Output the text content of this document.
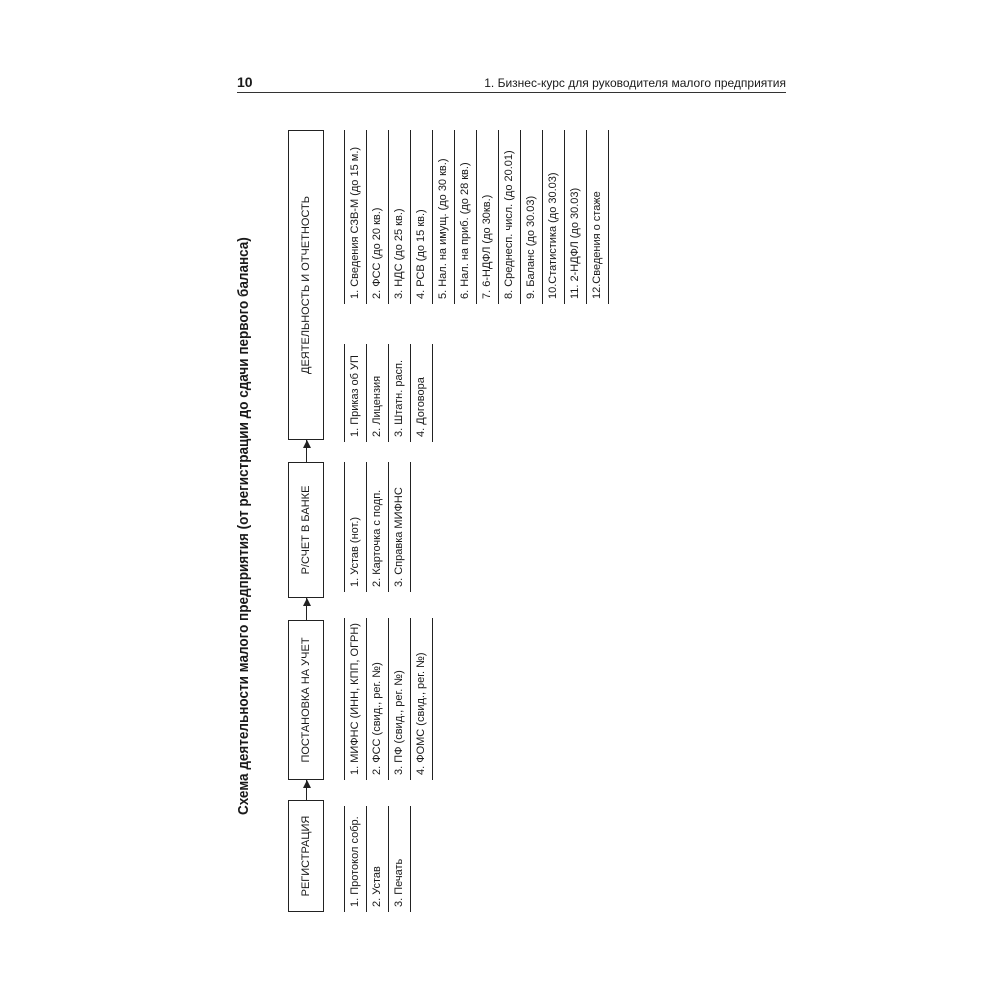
10	1. Бизнес-курс для руководителя малого предприятия
Схема деятельности малого предприятия (от регистрации до сдачи первого баланса)
РЕГИСТРАЦИЯ
ПОСТАНОВКА НА УЧЕТ
Р/СЧЕТ В БАНКЕ
ДЕЯТЕЛЬНОСТЬ И ОТЧЕТНОСТЬ
1. Протокол собр. 2. Устав 3. Печать
1. МИФНС (ИНН, КПП, ОГРН) 2. ФСС (свид., рег. №) 3. ПФ (свид., рег. №) 4. ФОМС (свид., рег. №)
1. Устав (нот.) 2. Карточка с подп. 3. Справка МИФНС
1. Приказ об УП 2. Лицензия 3. Штатн. расп. 4. Договора
1. Сведения СЗВ-М (до 15 м.) 2. ФСС (до 20 кв.) 3. НДС (до 25 кв.) 4. РСВ (до 15 кв.) 5. Нал. на имущ. (до 30 кв.) 6. Нал. на приб. (до 28 кв.) 7. 6-НДФЛ (до 30кв.) 8. Среднесп. числ. (до 20.01) 9. Баланс (до 30.03) 10.Статистика (до 30.03) 11. 2-НДФЛ (до 30.03) 12.Сведения о стаже
